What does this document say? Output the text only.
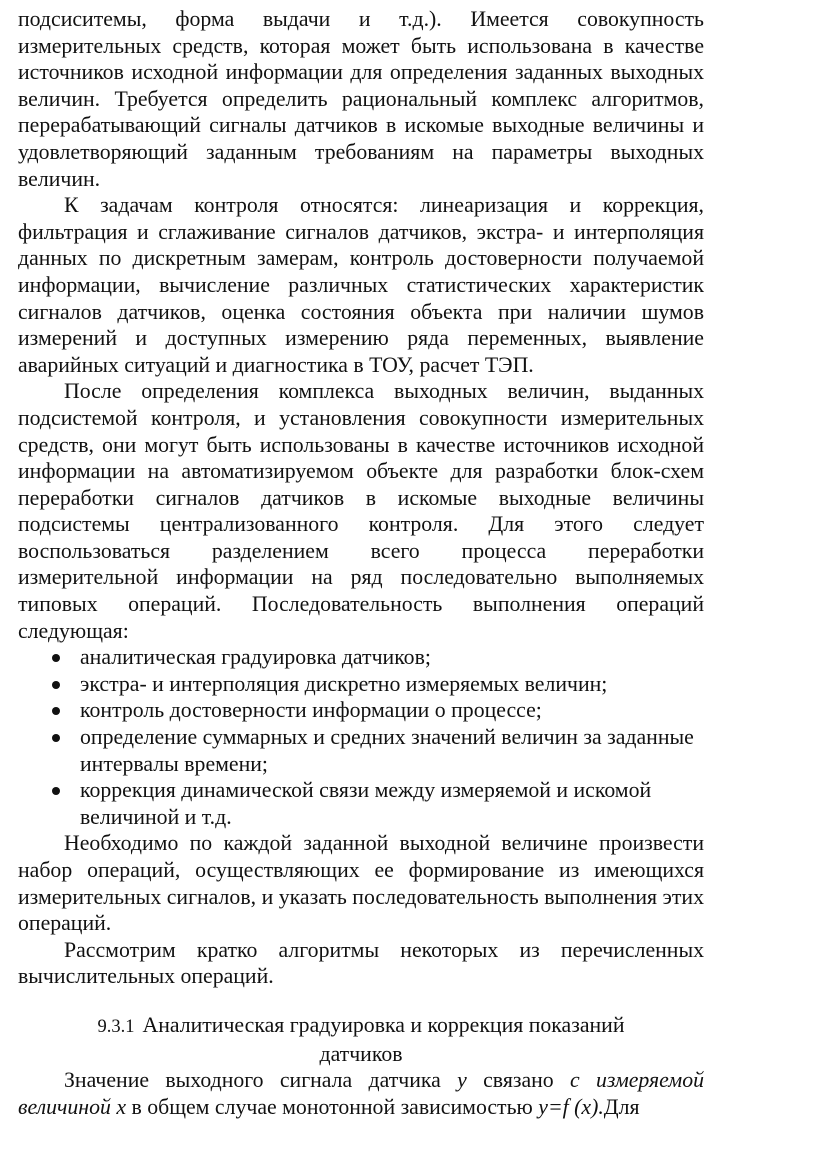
подсиситемы, форма выдачи и т.д.). Имеется совокупность измерительных средств, которая может быть использована в качестве источников исходной информации для определения заданных выходных величин. Требуется определить рациональный комплекс алгоритмов, перерабатывающий сигналы датчиков в искомые выходные величины и удовлетворяющий заданным требованиям на параметры выходных величин.

К задачам контроля относятся: линеаризация и коррекция, фильтрация и сглаживание сигналов датчиков, экстра- и интерполяция данных по дискретным замерам, контроль достоверности получаемой информации, вычисление различных статистических характеристик сигналов датчиков, оценка состояния объекта при наличии шумов измерений и доступных измерению ряда переменных, выявление аварийных ситуаций и диагностика в ТОУ, расчет ТЭП.

После определения комплекса выходных величин, выданных подсистемой контроля, и установления совокупности измерительных средств, они могут быть использованы в качестве источников исходной информации на автоматизируемом объекте для разработки блок-схем переработки сигналов датчиков в искомые выходные величины подсистемы централизованного контроля. Для этого следует воспользоваться разделением всего процесса переработки измерительной информации на ряд последовательно выполняемых типовых операций. Последовательность выполнения операций следующая:

аналитическая градуировка датчиков;
экстра- и интерполяция дискретно измеряемых величин;
контроль достоверности информации о процессе;
определение суммарных и средних значений величин за заданные интервалы времени;
коррекция динамической связи между измеряемой и искомой величиной и т.д.

Необходимо по каждой заданной выходной величине произвести набор операций, осуществляющих ее формирование из имеющихся измерительных сигналов, и указать последовательность выполнения этих операций.

Рассмотрим кратко алгоритмы некоторых из перечисленных вычислительных операций.

9.3.1 Аналитическая градуировка и коррекция показаний
датчиков

Значение выходного сигнала датчика y связано с измеряемой величиной x в общем случае монотонной зависимостью y=f (x).Для
